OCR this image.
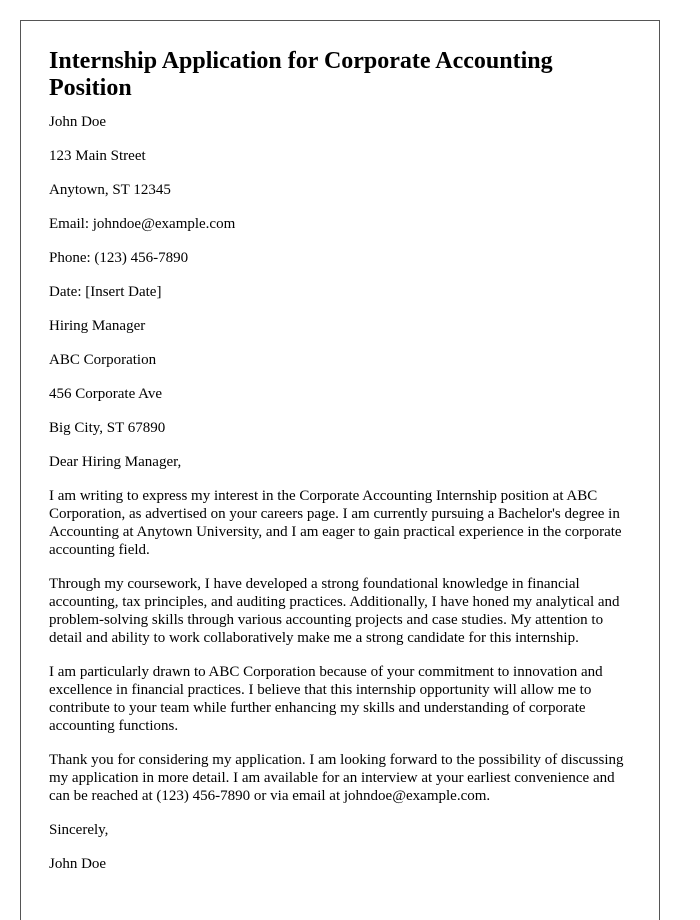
Internship Application for Corporate Accounting Position
John Doe
123 Main Street
Anytown, ST 12345
Email: johndoe@example.com
Phone: (123) 456-7890
Date: [Insert Date]
Hiring Manager
ABC Corporation
456 Corporate Ave
Big City, ST 67890
Dear Hiring Manager,

I am writing to express my interest in the Corporate Accounting Internship position at ABC Corporation, as advertised on your careers page. I am currently pursuing a Bachelor's degree in Accounting at Anytown University, and I am eager to gain practical experience in the corporate accounting field.

Through my coursework, I have developed a strong foundational knowledge in financial accounting, tax principles, and auditing practices. Additionally, I have honed my analytical and problem-solving skills through various accounting projects and case studies. My attention to detail and ability to work collaboratively make me a strong candidate for this internship.

I am particularly drawn to ABC Corporation because of your commitment to innovation and excellence in financial practices. I believe that this internship opportunity will allow me to contribute to your team while further enhancing my skills and understanding of corporate accounting functions.

Thank you for considering my application. I am looking forward to the possibility of discussing my application in more detail. I am available for an interview at your earliest convenience and can be reached at (123) 456-7890 or via email at johndoe@example.com.

Sincerely,
John Doe
